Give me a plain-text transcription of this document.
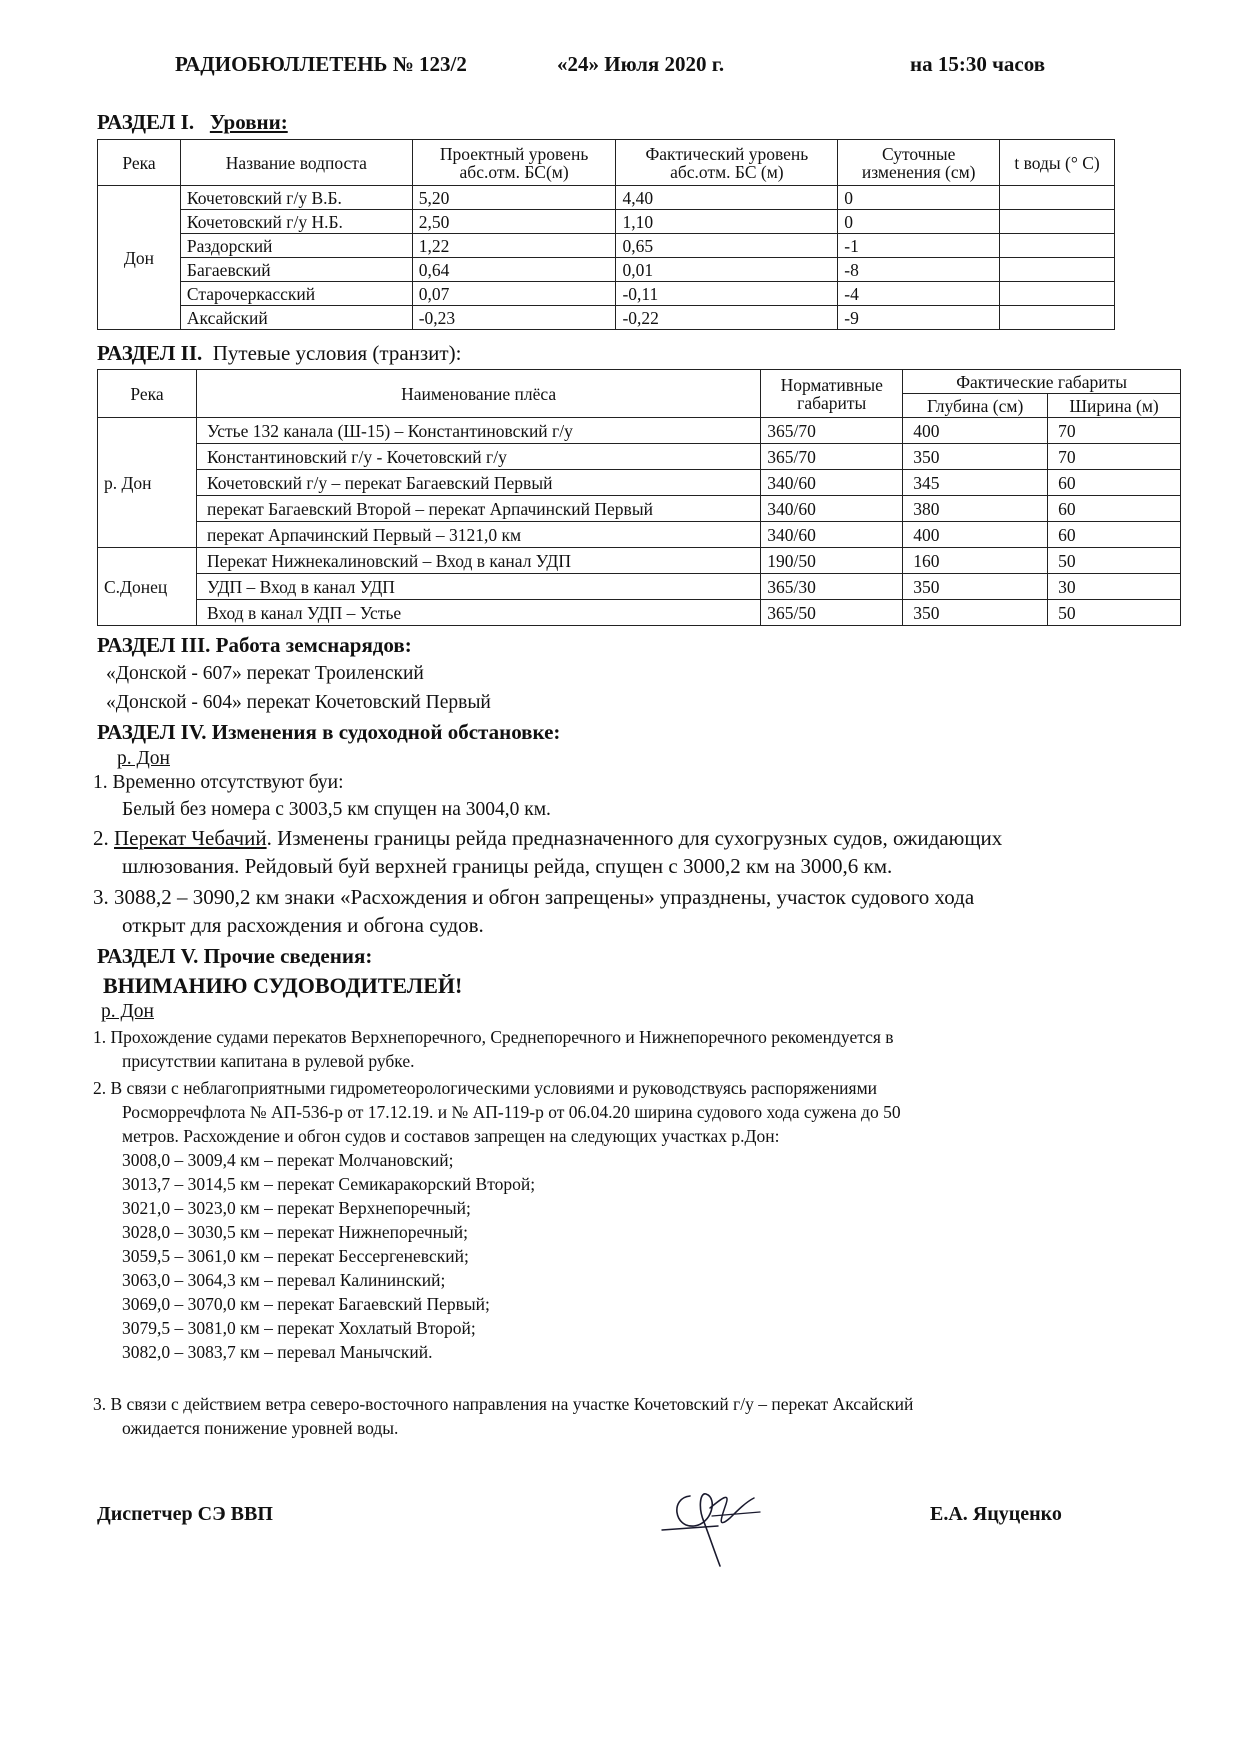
РАДИОБЮЛЛЕТЕНЬ № 123/2	«24» Июля 2020 г.	на 15:30 часов
РАЗДЕЛ I. Уровни:
Река	Название водпоста	Проектный уровень абс.отм. БС(м)	Фактический уровень абс.отм. БС (м)	Суточные изменения (см)	t воды (° С)
Дон	Кочетовский г/у В.Б.	5,20	4,40	0	
	Кочетовский г/у Н.Б.	2,50	1,10	0	
	Раздорский	1,22	0,65	-1	
	Багаевский	0,64	0,01	-8	
	Старочеркасский	0,07	-0,11	-4	
	Аксайский	-0,23	-0,22	-9	
РАЗДЕЛ II. Путевые условия (транзит):
Река	Наименование плёса	Нормативные габариты	Фактические габариты	
			Глубина (см)	Ширина (м)
р. Дон	Устье 132 канала (Ш-15) – Константиновский г/у	365/70	400	70
	Константиновский г/у - Кочетовский г/у	365/70	350	70
	Кочетовский г/у – перекат Багаевский Первый	340/60	345	60
	перекат Багаевский Второй – перекат Арпачинский Первый	340/60	380	60
	перекат Арпачинский Первый – 3121,0 км	340/60	400	60
С.Донец	Перекат Нижнекалиновский – Вход в канал УДП	190/50	160	50
	УДП – Вход в канал УДП	365/30	350	30
	Вход в канал УДП – Устье	365/50	350	50
РАЗДЕЛ III. Работа земснарядов:
«Донской - 607» перекат Троиленский
«Донской - 604» перекат Кочетовский Первый
РАЗДЕЛ IV. Изменения в судоходной обстановке:
р. Дон
1. Временно отсутствуют буи:
Белый без номера с 3003,5 км спущен на 3004,0 км.
2. Перекат Чебачий. Изменены границы рейда предназначенного для сухогрузных судов, ожидающих
шлюзования. Рейдовый буй верхней границы рейда, спущен с 3000,2 км на 3000,6 км.
3. 3088,2 – 3090,2 км знаки «Расхождения и обгон запрещены» упразднены, участок судового хода
открыт для расхождения и обгона судов.
РАЗДЕЛ V. Прочие сведения:
ВНИМАНИЮ СУДОВОДИТЕЛЕЙ!
р. Дон
1. Прохождение судами перекатов Верхнепоречного, Среднепоречного и Нижнепоречного рекомендуется в
присутствии капитана в рулевой рубке.
2. В связи с неблагоприятными гидрометеорологическими условиями и руководствуясь распоряжениями
Росморречфлота № АП-536-р от 17.12.19. и № АП-119-р от 06.04.20 ширина судового хода сужена до 50
метров. Расхождение и обгон судов и составов запрещен на следующих участках р.Дон:
3008,0 – 3009,4 км – перекат Молчановский;
3013,7 – 3014,5 км – перекат Семикаракорский Второй;
3021,0 – 3023,0 км – перекат Верхнепоречный;
3028,0 – 3030,5 км – перекат Нижнепоречный;
3059,5 – 3061,0 км – перекат Бессергеневский;
3063,0 – 3064,3 км – перевал Калининский;
3069,0 – 3070,0 км – перекат Багаевский Первый;
3079,5 – 3081,0 км – перекат Хохлатый Второй;
3082,0 – 3083,7 км – перевал Манычский.
3. В связи с действием ветра северо-восточного направления на участке Кочетовский г/у – перекат Аксайский
ожидается понижение уровней воды.
Диспетчер СЭ ВВП	Е.А. Яцуценко
